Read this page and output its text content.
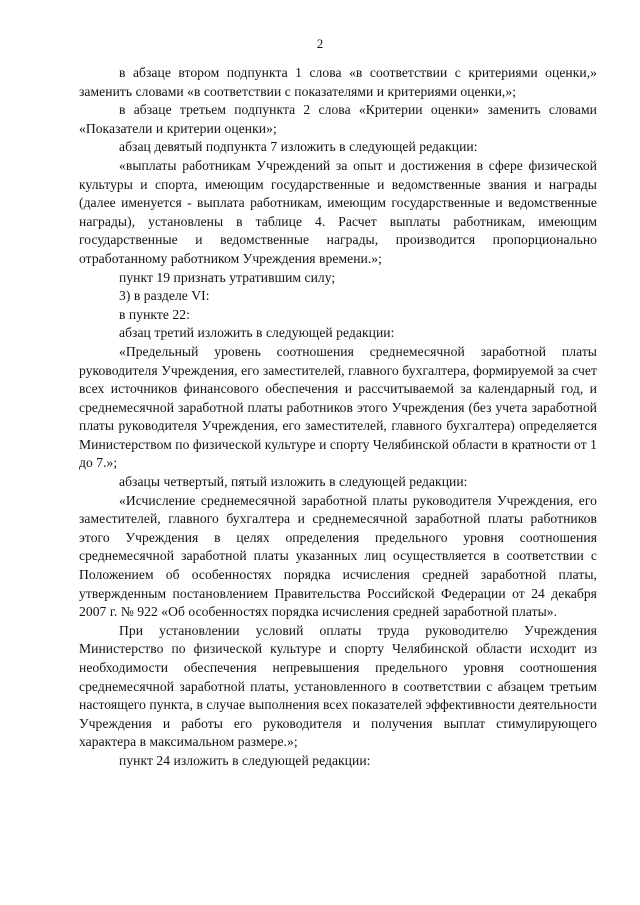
2

в абзаце втором подпункта 1 слова «в соответствии с критериями оценки,» заменить словами «в соответствии с показателями и критериями оценки,»;

в абзаце третьем подпункта 2 слова «Критерии оценки» заменить словами «Показатели и критерии оценки»;

абзац девятый подпункта 7 изложить в следующей редакции:

«выплаты работникам Учреждений за опыт и достижения в сфере физической культуры и спорта, имеющим государственные и ведомственные звания и награды (далее именуется - выплата работникам, имеющим государственные и ведомственные награды), установлены в таблице 4. Расчет выплаты работникам, имеющим государственные и ведомственные награды, производится пропорционально отработанному работником Учреждения времени.»;

пункт 19 признать утратившим силу;

3) в разделе VI:

в пункте 22:

абзац третий изложить в следующей редакции:

«Предельный уровень соотношения среднемесячной заработной платы руководителя Учреждения, его заместителей, главного бухгалтера, формируемой за счет всех источников финансового обеспечения и рассчитываемой за календарный год, и среднемесячной заработной платы работников этого Учреждения (без учета заработной платы руководителя Учреждения, его заместителей, главного бухгалтера) определяется Министерством по физической культуре и спорту Челябинской области в кратности от 1 до 7.»;

абзацы четвертый, пятый изложить в следующей редакции:

«Исчисление среднемесячной заработной платы руководителя Учреждения, его заместителей, главного бухгалтера и среднемесячной заработной платы работников этого Учреждения в целях определения предельного уровня соотношения среднемесячной заработной платы указанных лиц осуществляется в соответствии с Положением об особенностях порядка исчисления средней заработной платы, утвержденным постановлением Правительства Российской Федерации от 24 декабря 2007 г. № 922 «Об особенностях порядка исчисления средней заработной платы».

При установлении условий оплаты труда руководителю Учреждения Министерство по физической культуре и спорту Челябинской области исходит из необходимости обеспечения непревышения предельного уровня соотношения среднемесячной заработной платы, установленного в соответствии с абзацем третьим настоящего пункта, в случае выполнения всех показателей эффективности деятельности Учреждения и работы его руководителя и получения выплат стимулирующего характера в максимальном размере.»;

пункт 24 изложить в следующей редакции:
